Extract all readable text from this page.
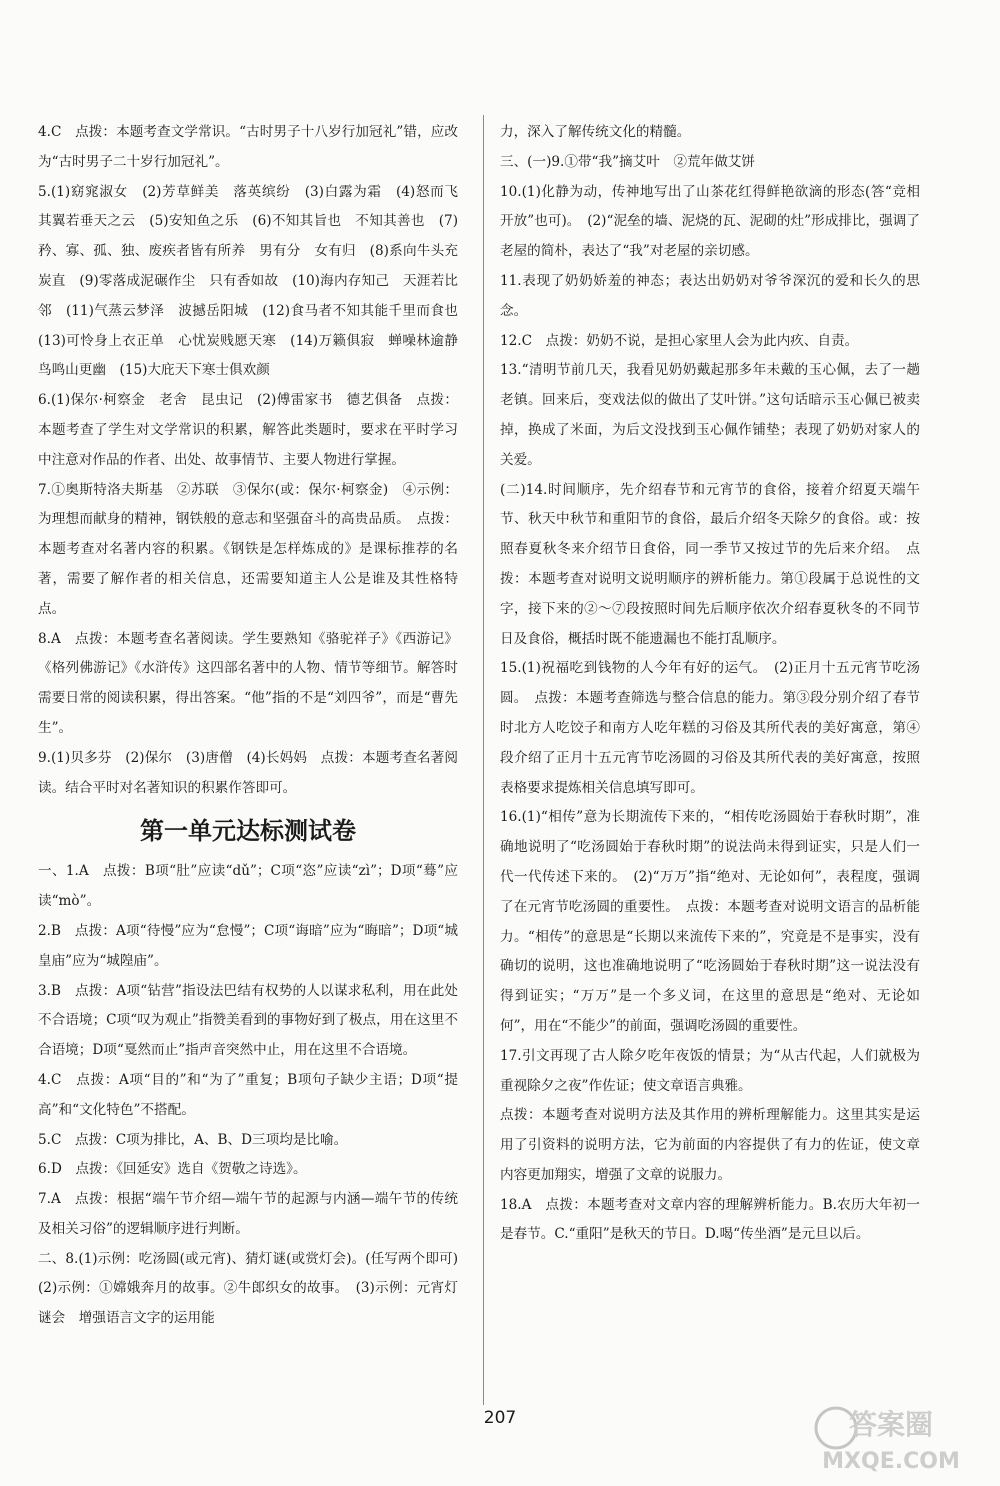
4.C　点拨：本题考查文学常识。“古时男子十八岁行加冠礼”错，应改为“古时男子二十岁行加冠礼”。

5.(1)窈窕淑女　(2)芳草鲜美　落英缤纷　(3)白露为霜　(4)怒而飞　其翼若垂天之云　(5)安知鱼之乐　(6)不知其旨也　不知其善也　(7)矜、寡、孤、独、废疾者皆有所养　男有分　女有归　(8)系向牛头充炭直　(9)零落成泥碾作尘　只有香如故　(10)海内存知己　天涯若比邻　(11)气蒸云梦泽　波撼岳阳城　(12)食马者不知其能千里而食也　(13)可怜身上衣正单　心忧炭贱愿天寒　(14)万籁俱寂　蝉噪林逾静　鸟鸣山更幽　(15)大庇天下寒士俱欢颜

6.(1)保尔·柯察金　老舍　昆虫记　(2)傅雷家书　德艺俱备　点拨：本题考查了学生对文学常识的积累，解答此类题时，要求在平时学习中注意对作品的作者、出处、故事情节、主要人物进行掌握。

7.①奥斯特洛夫斯基　②苏联　③保尔(或：保尔·柯察金)　④示例：为理想而献身的精神，钢铁般的意志和坚强奋斗的高贵品质。　点拨：本题考查对名著内容的积累。《钢铁是怎样炼成的》是课标推荐的名著，需要了解作者的相关信息，还需要知道主人公是谁及其性格特点。

8.A　点拨：本题考查名著阅读。学生要熟知《骆驼祥子》《西游记》《格列佛游记》《水浒传》这四部名著中的人物、情节等细节。解答时需要日常的阅读积累，得出答案。“他”指的不是“刘四爷”，而是“曹先生”。

9.(1)贝多芬　(2)保尔　(3)唐僧　(4)长妈妈　点拨：本题考查名著阅读。结合平时对名著知识的积累作答即可。

第一单元达标测试卷

一、1.A　点拨：B项“肚”应读“dǔ”；C项“恣”应读“zì”；D项“蓦”应读“mò”。

2.B　点拨：A项“待慢”应为“怠慢”；C项“诲暗”应为“晦暗”；D项“城皇庙”应为“城隍庙”。

3.B　点拨：A项“钻营”指设法巴结有权势的人以谋求私利，用在此处不合语境；C项“叹为观止”指赞美看到的事物好到了极点，用在这里不合语境；D项“戛然而止”指声音突然中止，用在这里不合语境。

4.C　点拨：A项“目的”和“为了”重复；B项句子缺少主语；D项“提高”和“文化特色”不搭配。

5.C　点拨：C项为排比，A、B、D三项均是比喻。

6.D　点拨：《回延安》选自《贺敬之诗选》。

7.A　点拨：根据“端午节介绍—端午节的起源与内涵—端午节的传统及相关习俗”的逻辑顺序进行判断。

二、8.(1)示例：吃汤圆(或元宵)、猜灯谜(或赏灯会)。(任写两个即可)　(2)示例：①嫦娥奔月的故事。②牛郎织女的故事。　(3)示例：元宵灯谜会　增强语言文字的运用能

力，深入了解传统文化的精髓。

三、(一)9.①带“我”摘艾叶　②荒年做艾饼

10.(1)化静为动，传神地写出了山茶花红得鲜艳欲滴的形态(答“竞相开放”也可)。　(2)“泥垒的墙、泥烧的瓦、泥砌的灶”形成排比，强调了老屋的简朴，表达了“我”对老屋的亲切感。

11.表现了奶奶娇羞的神态；表达出奶奶对爷爷深沉的爱和长久的思念。

12.C　点拨：奶奶不说，是担心家里人会为此内疚、自责。

13.“清明节前几天，我看见奶奶戴起那多年未戴的玉心佩，去了一趟老镇。回来后，变戏法似的做出了艾叶饼。”这句话暗示玉心佩已被卖掉，换成了米面，为后文没找到玉心佩作铺垫；表现了奶奶对家人的关爱。

(二)14.时间顺序，先介绍春节和元宵节的食俗，接着介绍夏天端午节、秋天中秋节和重阳节的食俗，最后介绍冬天除夕的食俗。或：按照春夏秋冬来介绍节日食俗，同一季节又按过节的先后来介绍。　点拨：本题考查对说明文说明顺序的辨析能力。第①段属于总说性的文字，接下来的②～⑦段按照时间先后顺序依次介绍春夏秋冬的不同节日及食俗，概括时既不能遗漏也不能打乱顺序。

15.(1)祝福吃到钱物的人今年有好的运气。　(2)正月十五元宵节吃汤圆。　点拨：本题考查筛选与整合信息的能力。第③段分别介绍了春节时北方人吃饺子和南方人吃年糕的习俗及其所代表的美好寓意，第④段介绍了正月十五元宵节吃汤圆的习俗及其所代表的美好寓意，按照表格要求提炼相关信息填写即可。

16.(1)“相传”意为长期流传下来的，“相传吃汤圆始于春秋时期”，准确地说明了“吃汤圆始于春秋时期”的说法尚未得到证实，只是人们一代一代传述下来的。　(2)“万万”指“绝对、无论如何”，表程度，强调了在元宵节吃汤圆的重要性。　点拨：本题考查对说明文语言的品析能力。“相传”的意思是“长期以来流传下来的”，究竟是不是事实，没有确切的说明，这也准确地说明了“吃汤圆始于春秋时期”这一说法没有得到证实；“万万”是一个多义词，在这里的意思是“绝对、无论如何”，用在“不能少”的前面，强调吃汤圆的重要性。

17.引文再现了古人除夕吃年夜饭的情景；为“从古代起，人们就极为重视除夕之夜”作佐证；使文章语言典雅。

点拨：本题考查对说明方法及其作用的辨析理解能力。这里其实是运用了引资料的说明方法，它为前面的内容提供了有力的佐证，使文章内容更加翔实，增强了文章的说服力。

18.A　点拨：本题考查对文章内容的理解辨析能力。B.农历大年初一是春节。C.“重阳”是秋天的节日。D.喝“传坐酒”是元旦以后。

207	答案圈
MXQE.COM
